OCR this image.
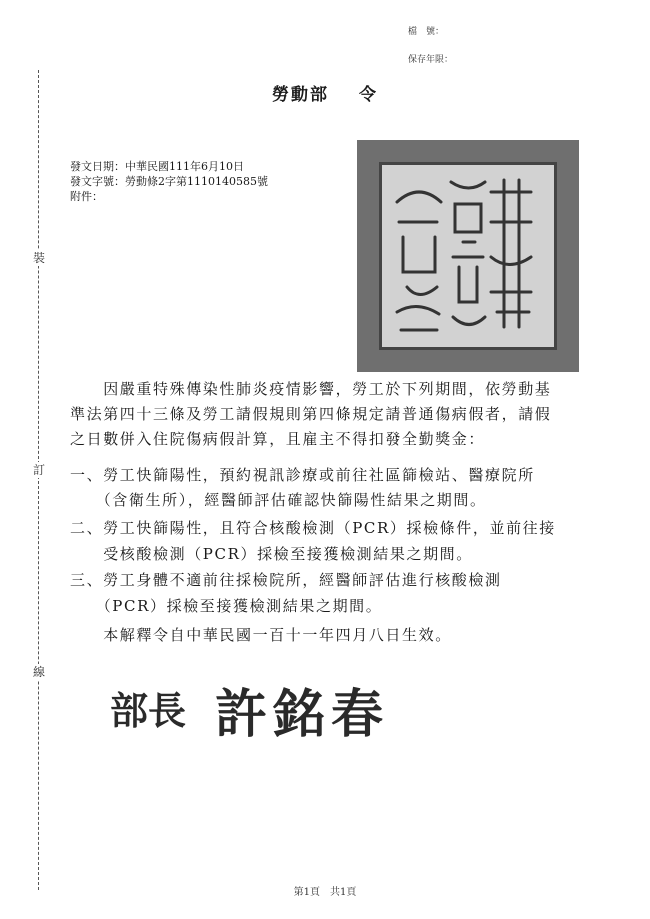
裝
訂
線
檔　號：
保存年限：
勞動部 令
發文日期：中華民國111年6月10日
發文字號：勞動條2字第1110140585號
附件：
　　因嚴重特殊傳染性肺炎疫情影響，勞工於下列期間，依勞動基
準法第四十三條及勞工請假規則第四條規定請普通傷病假者，請假
之日數併入住院傷病假計算，且雇主不得扣發全勤獎金：
一、勞工快篩陽性，預約視訊診療或前往社區篩檢站、醫療院所
　　（含衛生所），經醫師評估確認快篩陽性結果之期間。
二、勞工快篩陽性，且符合核酸檢測（PCR）採檢條件，並前往接
　　受核酸檢測（PCR）採檢至接獲檢測結果之期間。
三、勞工身體不適前往採檢院所，經醫師評估進行核酸檢測
　　（PCR）採檢至接獲檢測結果之期間。
　　本解釋令自中華民國一百十一年四月八日生效。
部長 許銘春
第1頁　共1頁
